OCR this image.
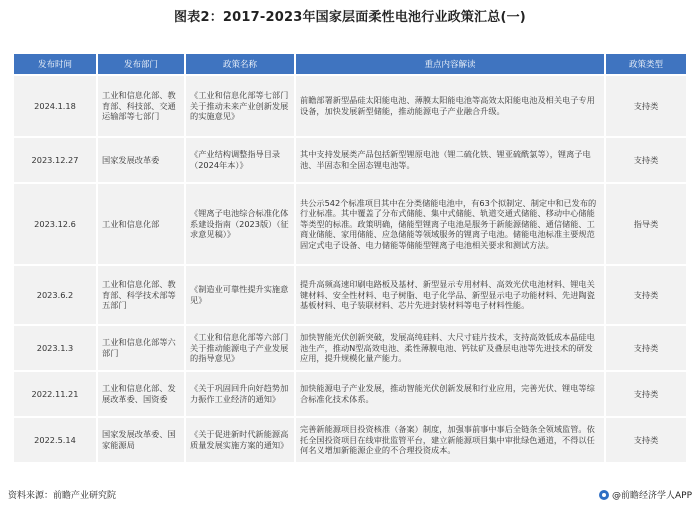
图表2：2017-2023年国家层面柔性电池行业政策汇总(一)
发布时间	发布部门	政策名称	重点内容解读	政策类型
2024.1.18	工业和信息化部、教育部、科技部、交通运输部等七部门	《工业和信息化部等七部门关于推动未来产业创新发展的实施意见》	前瞻部署新型晶硅太阳能电池、薄膜太阳能电池等高效太阳能电池及相关电子专用设备，加快发展新型储能，推动能源电子产业融合升级。	支持类
2023.12.27	国家发展改革委	《产业结构调整指导目录（2024年本）》	其中支持发展类产品包括新型锂原电池（锂二硫化铁、锂亚硫酰氯等），锂离子电池、半固态和全固态锂电池等。	支持类
2023.12.6	工业和信息化部	《锂离子电池综合标准化体系建设指南（2023版）（征求意见稿）》	共公示542个标准项目其中在分类储能电池中，有63个拟制定、制定中和已发布的行业标准。其中覆盖了分布式储能、集中式储能、轨道交通式储能、移动中心储能等类型的标准。政策明确，储能型锂离子电池是服务于新能源储能、通信储能、工商业储能、家用储能、应急储能等领域服务的锂离子电池。储能电池标准主要规范固定式电子设备、电力储能等储能型锂离子电池相关要求和测试方法。	指导类
2023.6.2	工业和信息化部、教育部、科学技术部等五部门	《制造业可靠性提升实施意见》	提升高频高速印刷电路板及基材、新型显示专用材料、高效光伏电池材料、锂电关键材料、安全性材料、电子树脂、电子化学品、新型显示电子功能材料、先进陶瓷基板材料、电子装联材料、芯片先进封装材料等电子材料性能。	支持类
2023.1.3	工业和信息化部等六部门	《工业和信息化部等六部门关于推动能源电子产业发展的指导意见》	加快智能光伏创新突破，发展高纯硅料、大尺寸硅片技术，支持高效低成本晶硅电池生产，推动N型高效电池、柔性薄膜电池、钙钛矿及叠层电池等先进技术的研发应用，提升规模化量产能力。	支持类
2022.11.21	工业和信息化部、发展改革委、国资委	《关于巩固回升向好趋势加力振作工业经济的通知》	加快能源电子产业发展，推动智能光伏创新发展和行业应用，完善光伏、锂电等综合标准化技术体系。	支持类
2022.5.14	国家发展改革委、国家能源局	《关于促进新时代新能源高质量发展实施方案的通知》	完善新能源项目投资核准（备案）制度，加强事前事中事后全链条全领域监管。依托全国投资项目在线审批监管平台，建立新能源项目集中审批绿色通道，不得以任何名义增加新能源企业的不合理投资成本。	支持类
资料来源：前瞻产业研究院	@前瞻经济学人APP
